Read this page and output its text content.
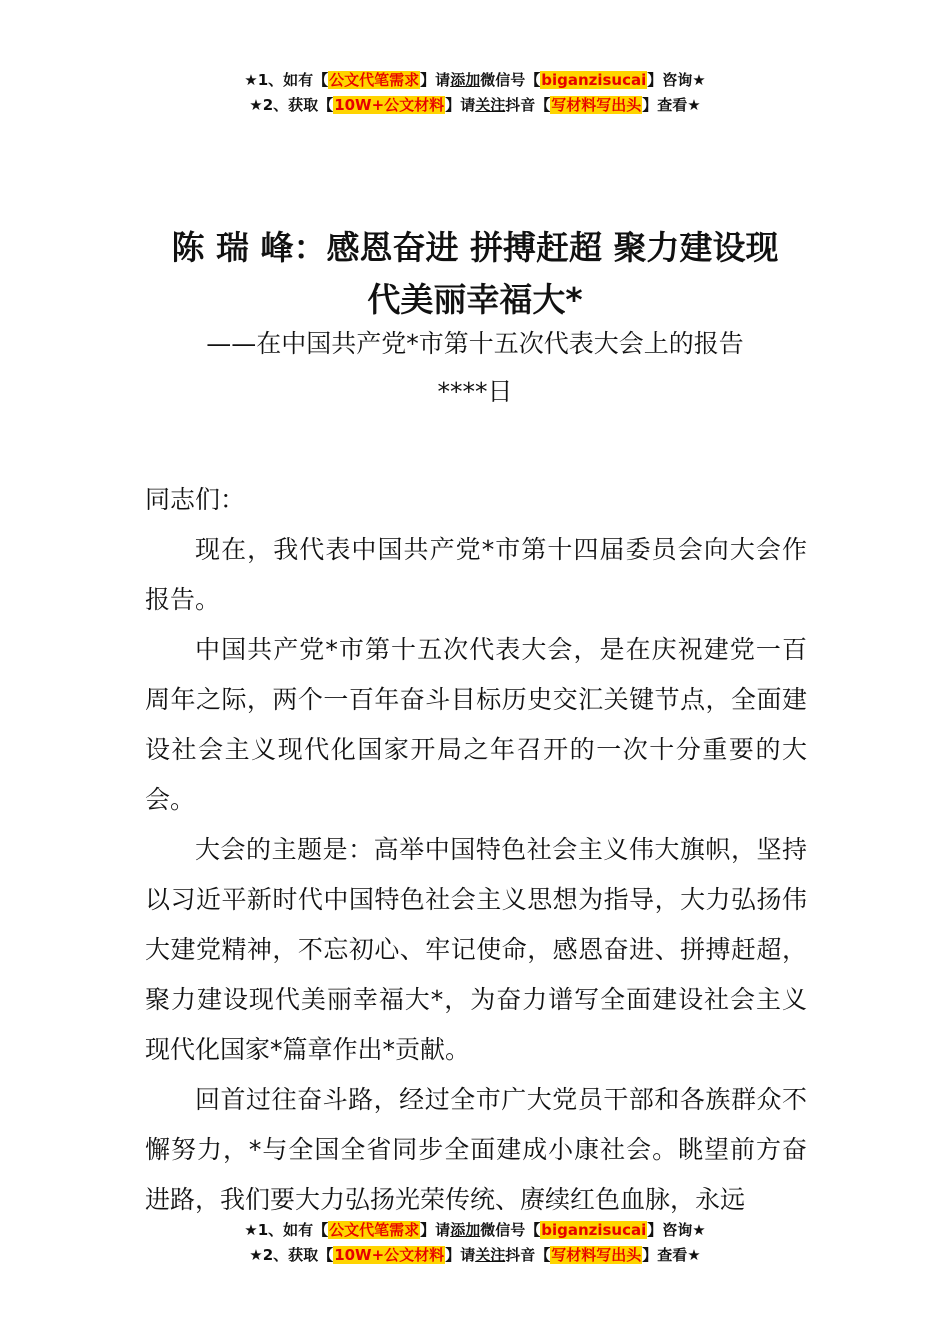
★1、如有【公文代笔需求】请添加微信号【biganzisucai】咨询★
★2、获取【10W+公文材料】请关注抖音【写材料写出头】查看★
陈 瑞 峰：感恩奋进 拼搏赶超 聚力建设现
代美丽幸福大*
——在中国共产党*市第十五次代表大会上的报告
****日

同志们：

现在，我代表中国共产党*市第十四届委员会向大会作报告。

中国共产党*市第十五次代表大会，是在庆祝建党一百周年之际，两个一百年奋斗目标历史交汇关键节点，全面建设社会主义现代化国家开局之年召开的一次十分重要的大会。

大会的主题是：高举中国特色社会主义伟大旗帜，坚持以习近平新时代中国特色社会主义思想为指导，大力弘扬伟大建党精神，不忘初心、牢记使命，感恩奋进、拼搏赶超，聚力建设现代美丽幸福大*，为奋力谱写全面建设社会主义现代化国家*篇章作出*贡献。

回首过往奋斗路，经过全市广大党员干部和各族群众不懈努力，*与全国全省同步全面建成小康社会。眺望前方奋进路，我们要大力弘扬光荣传统、赓续红色血脉，永远

★1、如有【公文代笔需求】请添加微信号【biganzisucai】咨询★
★2、获取【10W+公文材料】请关注抖音【写材料写出头】查看★
